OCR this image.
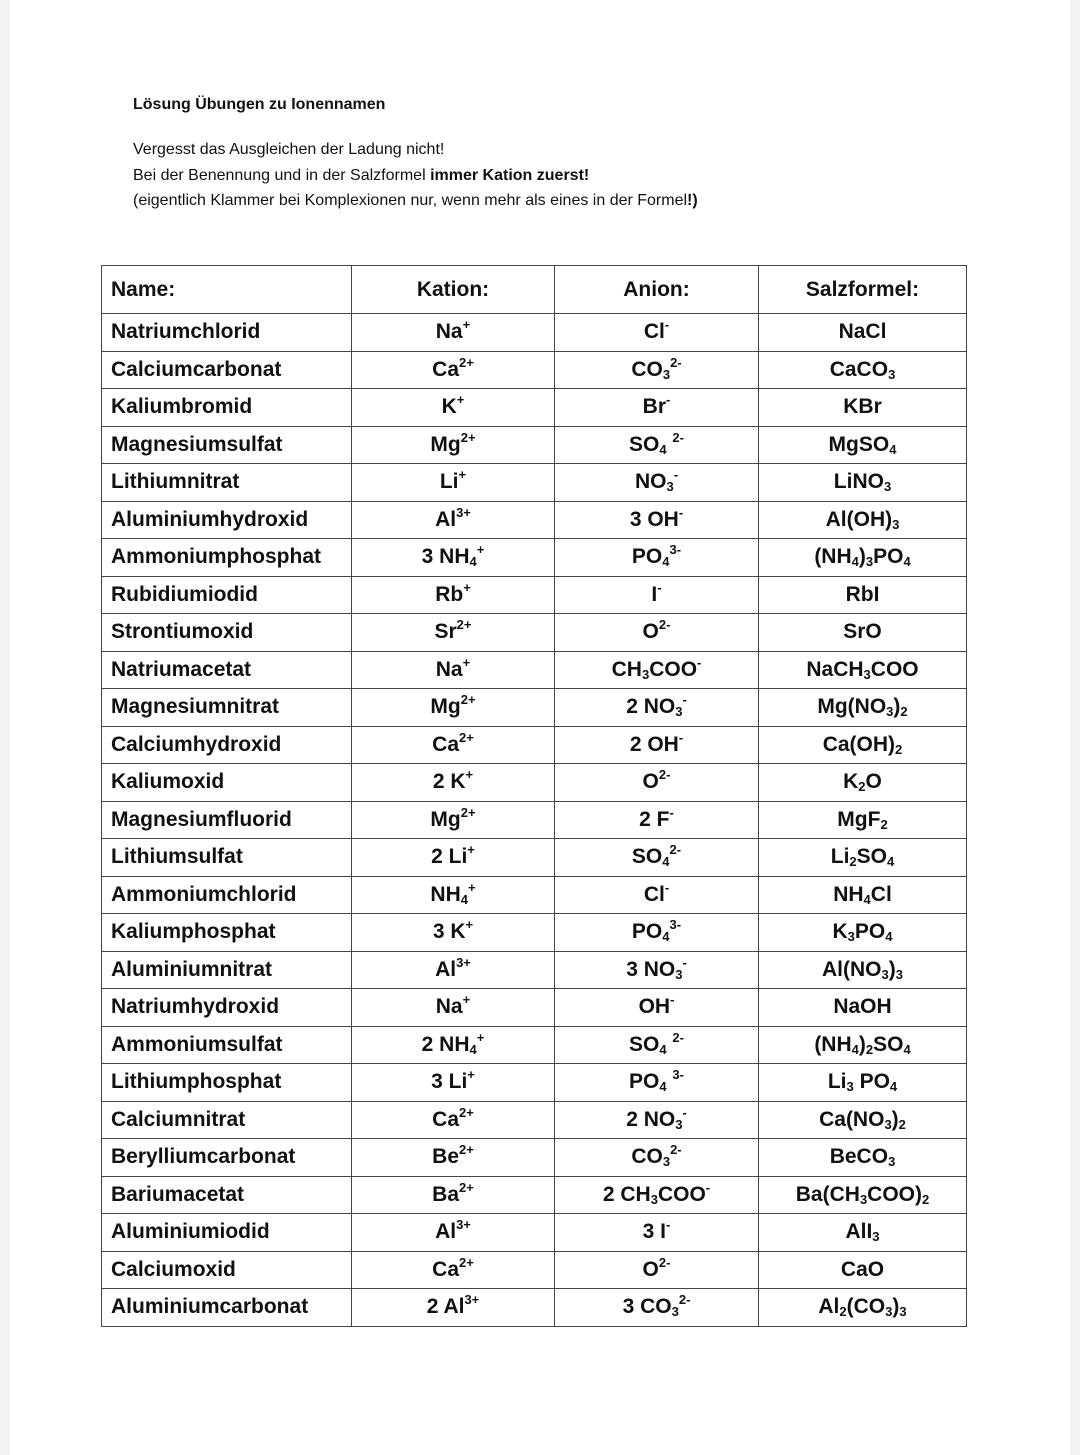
Lösung Übungen zu Ionennamen
Vergesst das Ausgleichen der Ladung nicht!
Bei der Benennung und in der Salzformel immer Kation zuerst!
(eigentlich Klammer bei Komplexionen nur, wenn mehr als eines in der Formel!)
Name:	Kation:	Anion:	Salzformel:
Natriumchlorid	Na+	Cl-	NaCl
Calciumcarbonat	$Ca^{2+}$	$CO_3^{2-}$	CaCO$_3$
Kaliumbromid	K+	Br-	KBr
Magnesiumsulfat	$Mg^{2+}$	$SO_4$ $^{2-}$	MgSO$_4$
Lithiumnitrat	Li+	$NO_3^-$	LiNO$_3$
Aluminiumhydroxid	$Al^{3+}$	3 OH-	$Al(OH)_3$
Ammoniumphosphat	3 $NH_4^+$	$PO_4^{3-}$	$(NH_4)_3PO_4$
Rubidiumiodid	Rb+	I-	RbI
Strontiumoxid	$Sr^{2+}$	$O^{2-}$	SrO
Natriumacetat	Na+	$CH_3COO^-$	NaCH$_3$COO
Magnesiumnitrat	$Mg^{2+}$	2 $NO_3^-$	$Mg(NO_3)_2$
Calciumhydroxid	$Ca^{2+}$	2 OH-	$Ca(OH)_2$
Kaliumoxid	2 K+	$O^{2-}$	$K_2O$
Magnesiumfluorid	$Mg^{2+}$	2 F-	MgF$_2$
Lithiumsulfat	2 Li+	$SO_4^{2-}$	$Li_2SO_4$
Ammoniumchlorid	$NH_4^+$	Cl-	$NH_4Cl$
Kaliumphosphat	3 K+	$PO_4^{3-}$	$K_3PO_4$
Aluminiumnitrat	$Al^{3+}$	3 $NO_3^-$	$Al(NO_3)_3$
Natriumhydroxid	Na+	OH-	NaOH
Ammoniumsulfat	2 $NH_4^+$	$SO_4$ $^{2-}$	$(NH_4)_2SO_4$
Lithiumphosphat	3 Li+	$PO_4$ $^{3-}$	$Li_3$ $PO_4$
Calciumnitrat	$Ca^{2+}$	2 $NO_3^-$	$Ca(NO_3)_2$
Berylliumcarbonat	$Be^{2+}$	$CO_3^{2-}$	BeCO$_3$
Bariumacetat	$Ba^{2+}$	2 $CH_3COO^-$	$Ba(CH_3COO)_2$
Aluminiumiodid	$Al^{3+}$	3 I-	AlI$_3$
Calciumoxid	$Ca^{2+}$	$O^{2-}$	CaO
Aluminiumcarbonat	2 $Al^{3+}$	3 $CO_3^{2-}$	$Al_2(CO_3)_3$
